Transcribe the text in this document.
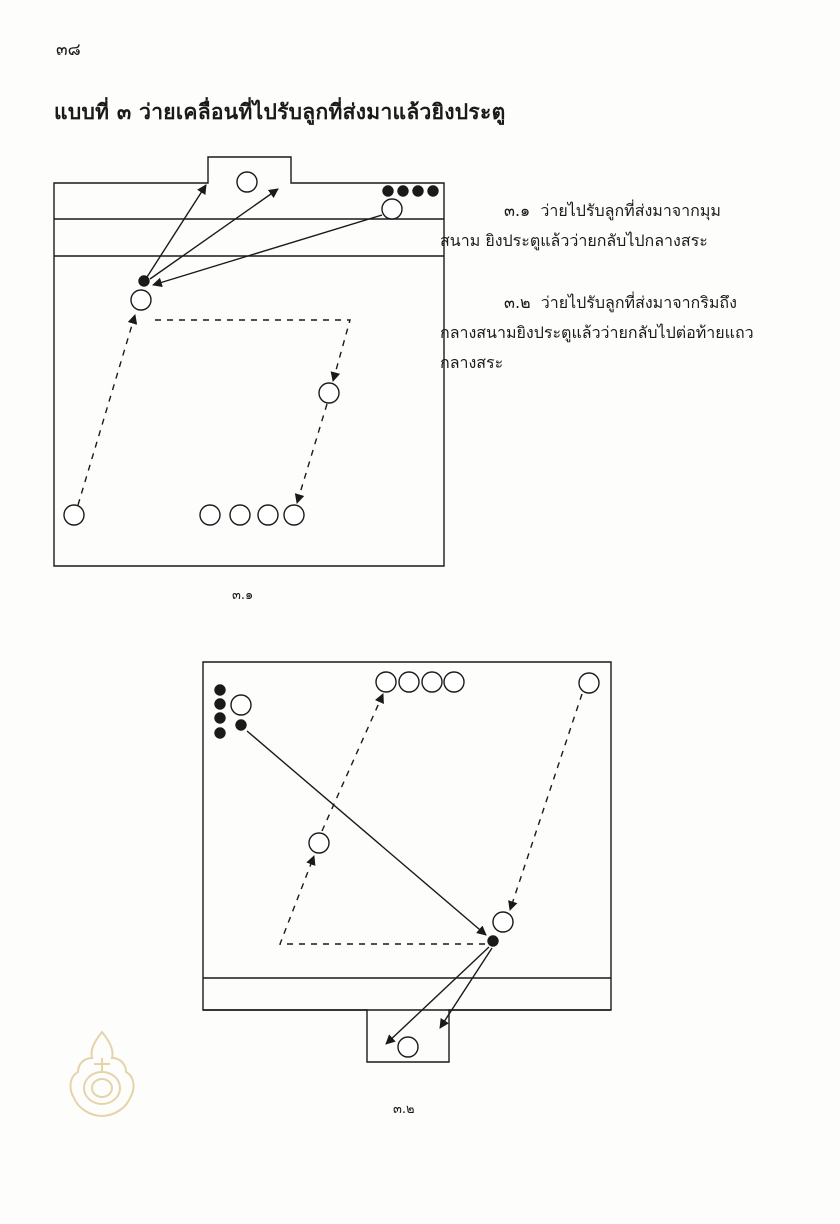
๓๘
แบบที่ ๓ ว่ายเคลื่อนที่ไปรับลูกที่ส่งมาแล้วยิงประตู
๓.๑ ว่ายไปรับลูกที่ส่งมาจากมุมสนาม ยิงประตูแล้วว่ายกลับไปกลางสระ
๓.๒ ว่ายไปรับลูกที่ส่งมาจากริมถึงกลางสนามยิงประตูแล้วว่ายกลับไปต่อท้ายแถวกลางสระ
๓.๑
๓.๒
